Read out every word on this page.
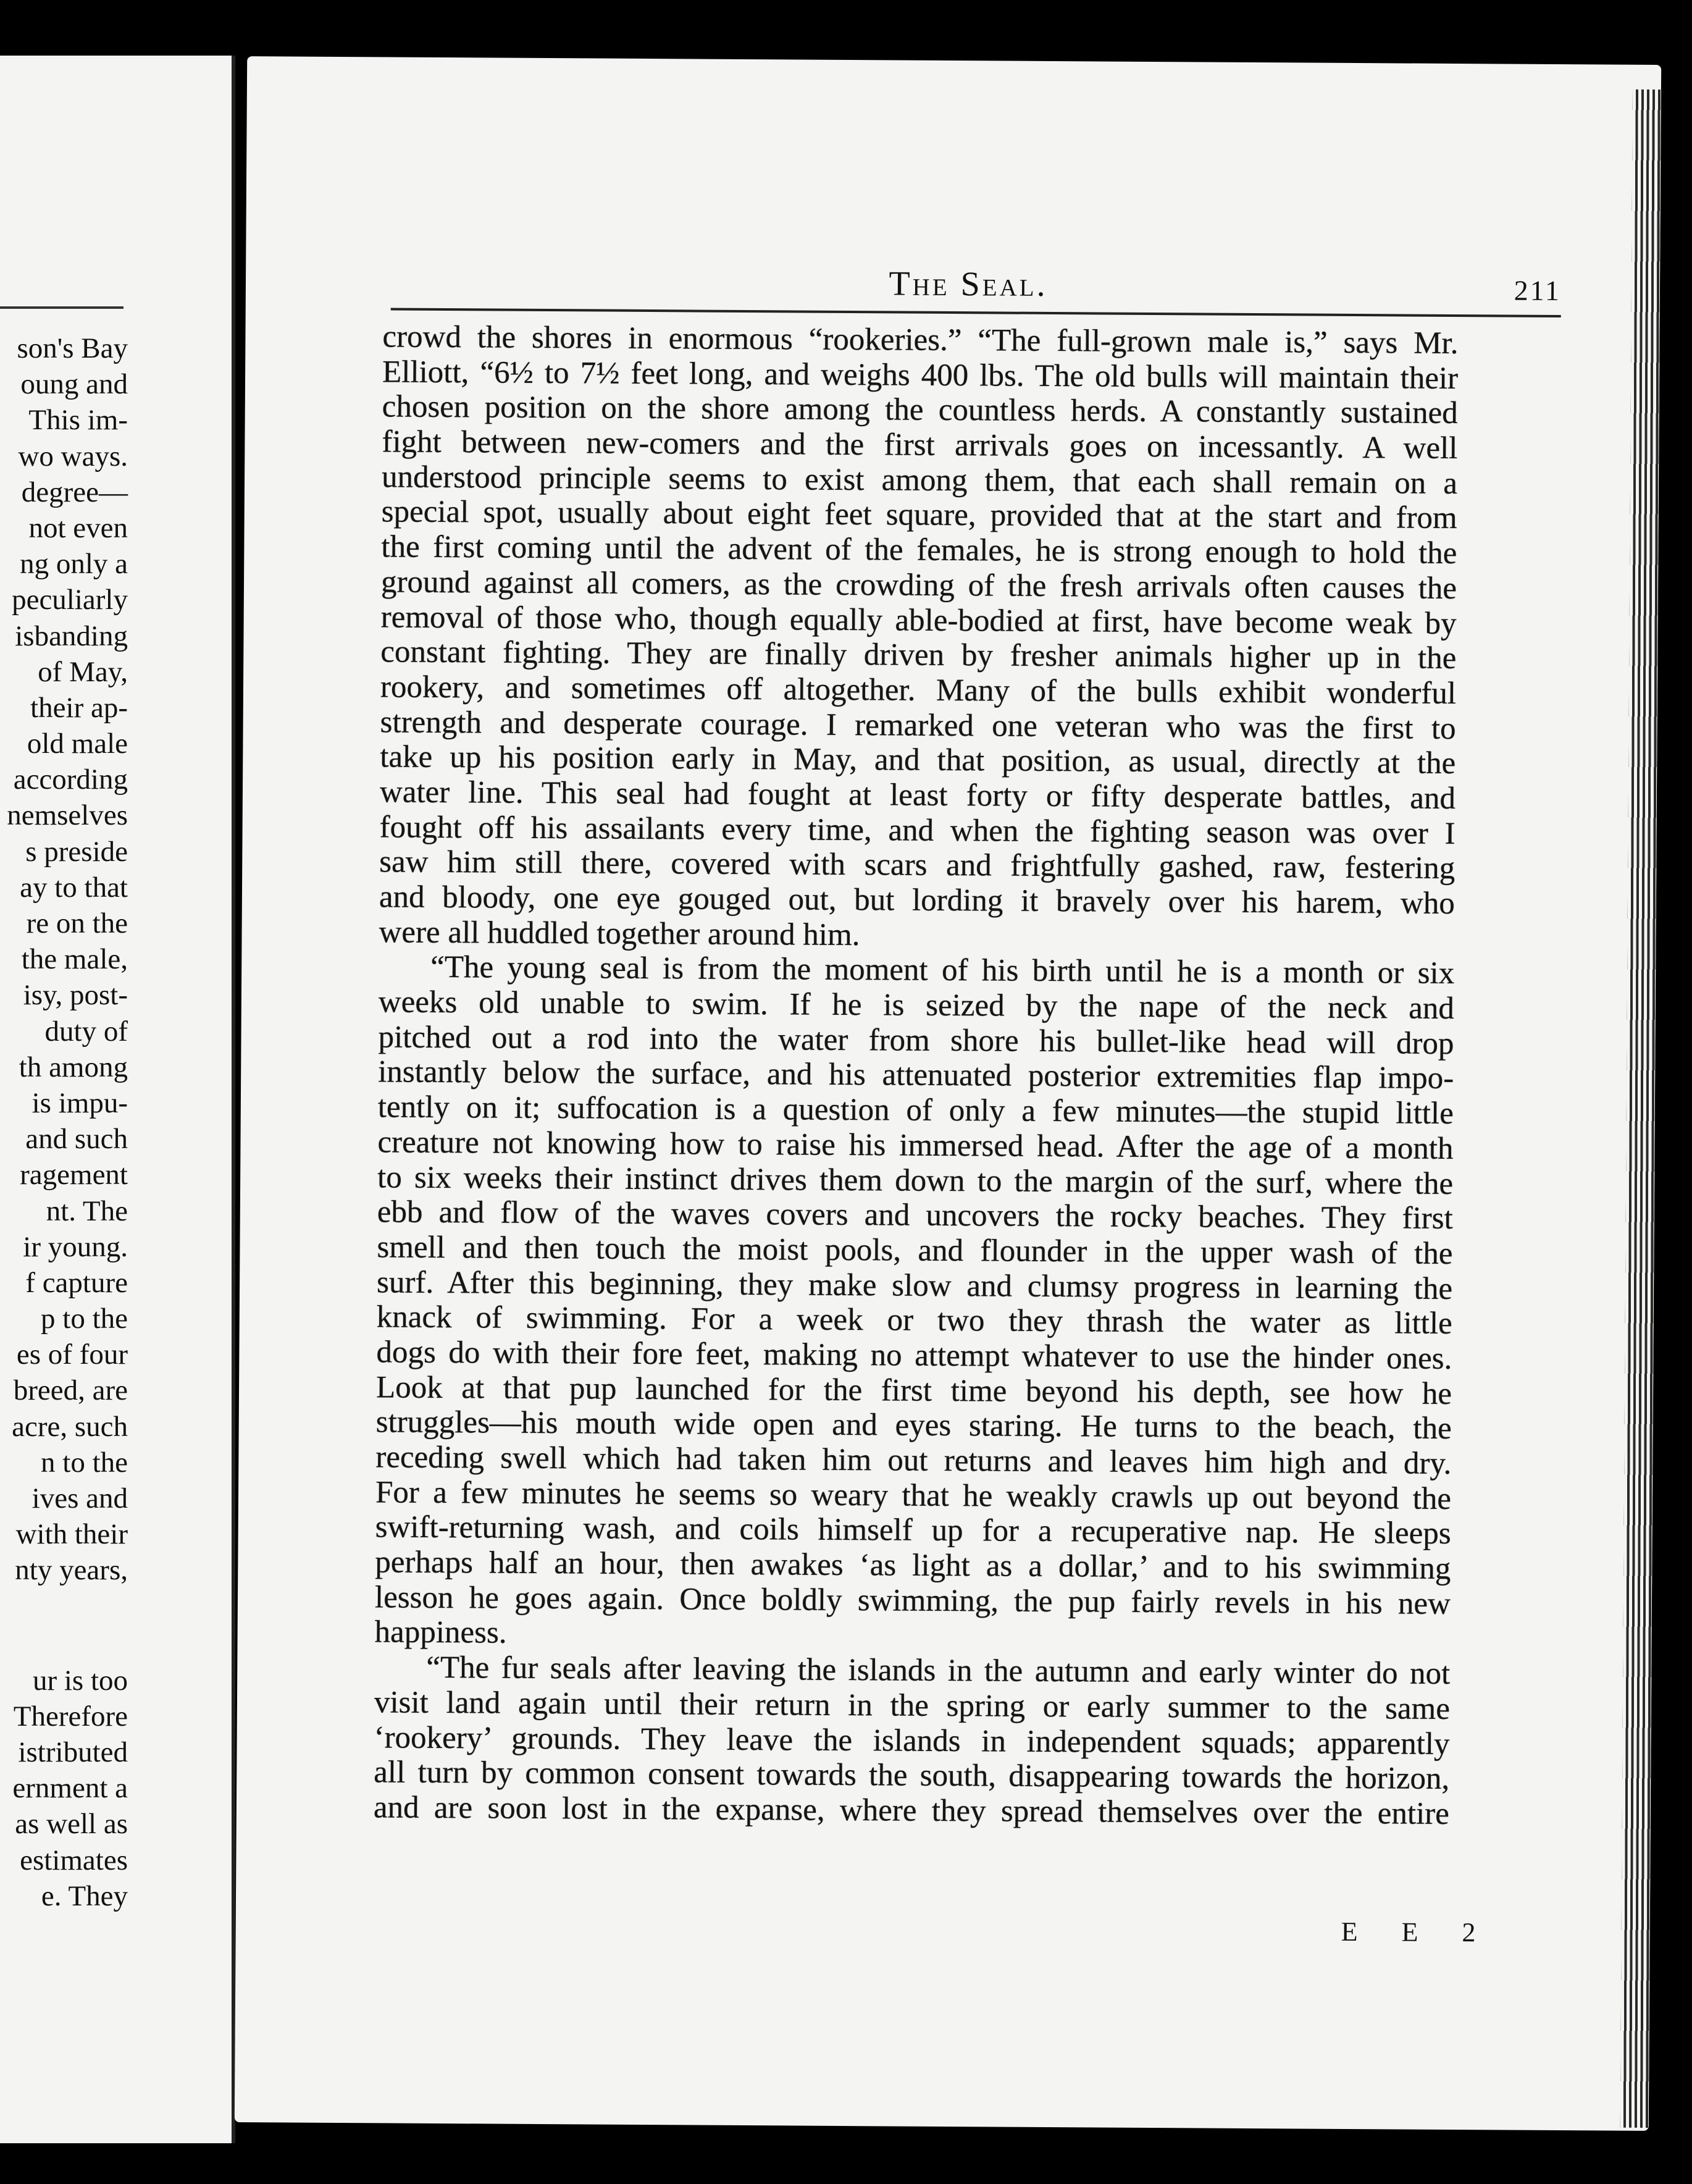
son's Bay
oung and
This im-
wo ways.
degree—
not even
ng only a
peculiarly
isbanding
of May,
their ap-
old male
according
nemselves
s preside
ay to that
re on the
the male,
isy, post-
duty of
th among
is impu-
and such
ragement
nt. The
ir young.
f capture
p to the
es of four
breed, are
acre, such
n to the
ives and
with their
nty years,
ur is too
Therefore
istributed
ernment a
as well as
estimates
e. They
The Seal.	211
crowd the shores in enormous “rookeries.” “The full-grown male is,” says Mr.
Elliott, “6½ to 7½ feet long, and weighs 400 lbs. The old bulls will maintain their
chosen position on the shore among the countless herds. A constantly sustained
fight between new-comers and the first arrivals goes on incessantly. A well
understood principle seems to exist among them, that each shall remain on a
special spot, usually about eight feet square, provided that at the start and from
the first coming until the advent of the females, he is strong enough to hold the
ground against all comers, as the crowding of the fresh arrivals often causes the
removal of those who, though equally able-bodied at first, have become weak by
constant fighting. They are finally driven by fresher animals higher up in the
rookery, and sometimes off altogether. Many of the bulls exhibit wonderful
strength and desperate courage. I remarked one veteran who was the first to
take up his position early in May, and that position, as usual, directly at the
water line. This seal had fought at least forty or fifty desperate battles, and
fought off his assailants every time, and when the fighting season was over I
saw him still there, covered with scars and frightfully gashed, raw, festering
and bloody, one eye gouged out, but lording it bravely over his harem, who
were all huddled together around him.
“The young seal is from the moment of his birth until he is a month or six
weeks old unable to swim. If he is seized by the nape of the neck and
pitched out a rod into the water from shore his bullet-like head will drop
instantly below the surface, and his attenuated posterior extremities flap impo-
tently on it; suffocation is a question of only a few minutes—the stupid little
creature not knowing how to raise his immersed head. After the age of a month
to six weeks their instinct drives them down to the margin of the surf, where the
ebb and flow of the waves covers and uncovers the rocky beaches. They first
smell and then touch the moist pools, and flounder in the upper wash of the
surf. After this beginning, they make slow and clumsy progress in learning the
knack of swimming. For a week or two they thrash the water as little
dogs do with their fore feet, making no attempt whatever to use the hinder ones.
Look at that pup launched for the first time beyond his depth, see how he
struggles—his mouth wide open and eyes staring. He turns to the beach, the
receding swell which had taken him out returns and leaves him high and dry.
For a few minutes he seems so weary that he weakly crawls up out beyond the
swift-returning wash, and coils himself up for a recuperative nap. He sleeps
perhaps half an hour, then awakes ‘as light as a dollar,’ and to his swimming
lesson he goes again. Once boldly swimming, the pup fairly revels in his new
happiness.
“The fur seals after leaving the islands in the autumn and early winter do not
visit land again until their return in the spring or early summer to the same
‘rookery’ grounds. They leave the islands in independent squads; apparently
all turn by common consent towards the south, disappearing towards the horizon,
and are soon lost in the expanse, where they spread themselves over the entire
E E 2
